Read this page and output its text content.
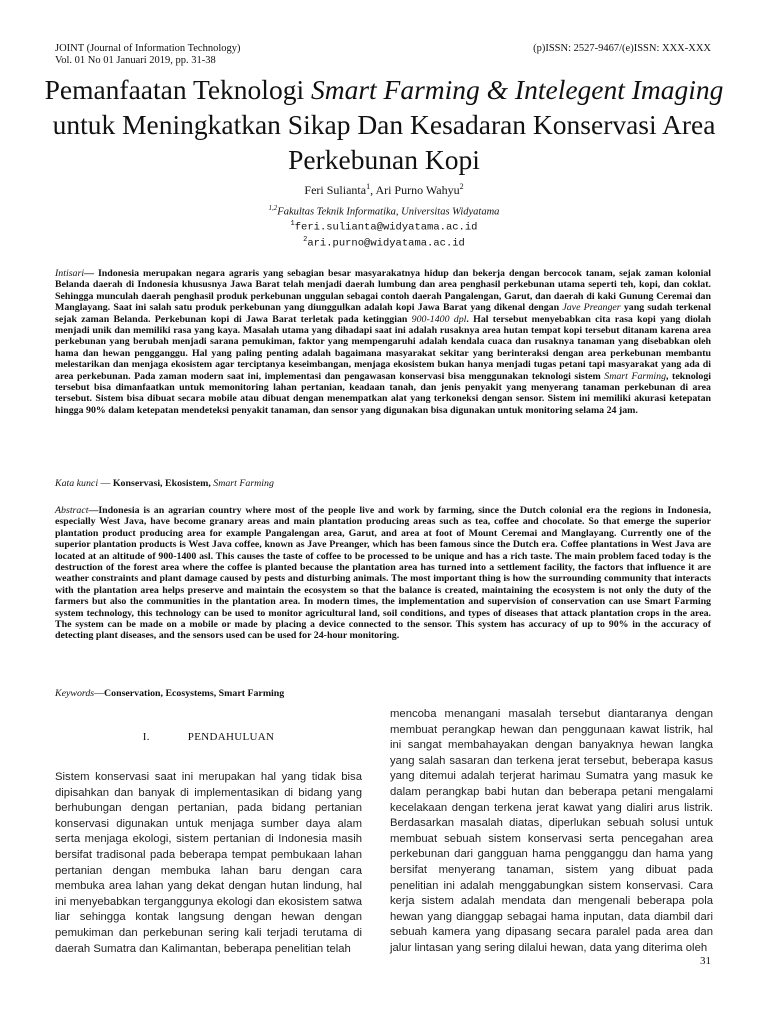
JOINT (Journal of Information Technology)	(p)ISSN: 2527-9467/(e)ISSN: XXX-XXX
Vol. 01 No 01 Januari 2019, pp. 31-38
Pemanfaatan Teknologi Smart Farming & Intelegent Imaging untuk Meningkatkan Sikap Dan Kesadaran Konservasi Area Perkebunan Kopi
Feri Sulianta$^1$, Ari Purno Wahyu$^2$
$^{1,2}$Fakultas Teknik Informatika, Universitas Widyatama
$^1$feri.sulianta@widyatama.ac.id
$^2$ari.purno@widyatama.ac.id
Intisari— Indonesia merupakan negara agraris yang sebagian besar masyarakatnya hidup dan bekerja dengan bercocok tanam, sejak zaman kolonial Belanda daerah di Indonesia khususnya Jawa Barat telah menjadi daerah lumbung dan area penghasil perkebunan utama seperti teh, kopi, dan coklat. Sehingga munculah daerah penghasil produk perkebunan unggulan sebagai contoh daerah Pangalengan, Garut, dan daerah di kaki Gunung Ceremai dan Manglayang. Saat ini salah satu produk perkebunan yang diunggulkan adalah kopi Jawa Barat yang dikenal dengan Jave Preanger yang sudah terkenal sejak zaman Belanda. Perkebunan kopi di Jawa Barat terletak pada ketinggian 900-1400 dpl. Hal tersebut menyebabkan cita rasa kopi yang diolah menjadi unik dan memiliki rasa yang kaya. Masalah utama yang dihadapi saat ini adalah rusaknya area hutan tempat kopi tersebut ditanam karena area perkebunan yang berubah menjadi sarana pemukiman, faktor yang mempengaruhi adalah kendala cuaca dan rusaknya tanaman yang disebabkan oleh hama dan hewan pengganggu. Hal yang paling penting adalah bagaimana masyarakat sekitar yang berinteraksi dengan area perkebunan membantu melestarikan dan menjaga ekosistem agar terciptanya keseimbangan, menjaga ekosistem bukan hanya menjadi tugas petani tapi masyarakat yang ada di area perkebunan. Pada zaman modern saat ini, implementasi dan pengawasan konservasi bisa menggunakan teknologi sistem Smart Farming, teknologi tersebut bisa dimanfaatkan untuk memonitoring lahan pertanian, keadaan tanah, dan jenis penyakit yang menyerang tanaman perkebunan di area tersebut. Sistem bisa dibuat secara mobile atau dibuat dengan menempatkan alat yang terkoneksi dengan sensor. Sistem ini memiliki akurasi ketepatan hingga 90% dalam ketepatan mendeteksi penyakit tanaman, dan sensor yang digunakan bisa digunakan untuk monitoring selama 24 jam.
Kata kunci — Konservasi, Ekosistem, Smart Farming
Abstract—Indonesia is an agrarian country where most of the people live and work by farming, since the Dutch colonial era the regions in Indonesia, especially West Java, have become granary areas and main plantation producing areas such as tea, coffee and chocolate. So that emerge the superior plantation product producing area for example Pangalengan area, Garut, and area at foot of Mount Ceremai and Manglayang. Currently one of the superior plantation products is West Java coffee, known as Jave Preanger, which has been famous since the Dutch era. Coffee plantations in West Java are located at an altitude of 900-1400 asl. This causes the taste of coffee to be processed to be unique and has a rich taste. The main problem faced today is the destruction of the forest area where the coffee is planted because the plantation area has turned into a settlement facility, the factors that influence it are weather constraints and plant damage caused by pests and disturbing animals. The most important thing is how the surrounding community that interacts with the plantation area helps preserve and maintain the ecosystem so that the balance is created, maintaining the ecosystem is not only the duty of the farmers but also the communities in the plantation area. In modern times, the implementation and supervision of conservation can use Smart Farming system technology, this technology can be used to monitor agricultural land, soil conditions, and types of diseases that attack plantation crops in the area. The system can be made on a mobile or made by placing a device connected to the sensor. This system has accuracy of up to 90% in the accuracy of detecting plant diseases, and the sensors used can be used for 24-hour monitoring.
Keywords—Conservation, Ecosystems, Smart Farming
I.	PENDAHULUAN
Sistem konservasi saat ini merupakan hal yang tidak bisa dipisahkan dan banyak di implementasikan di bidang yang berhubungan dengan pertanian, pada bidang pertanian konservasi digunakan untuk menjaga sumber daya alam serta menjaga ekologi, sistem pertanian di Indonesia masih bersifat tradisonal pada beberapa tempat pembukaan lahan pertanian dengan membuka lahan baru dengan cara membuka area lahan yang dekat dengan hutan lindung, hal ini menyebabkan terganggunya ekologi dan ekosistem satwa liar sehingga kontak langsung dengan hewan dengan pemukiman dan perkebunan sering kali terjadi terutama di daerah Sumatra dan Kalimantan, beberapa penelitian telah
mencoba menangani masalah tersebut diantaranya dengan membuat perangkap hewan dan penggunaan kawat listrik, hal ini sangat membahayakan dengan banyaknya hewan langka yang salah sasaran dan terkena jerat tersebut, beberapa kasus yang ditemui adalah terjerat harimau Sumatra yang masuk ke dalam perangkap babi hutan dan beberapa petani mengalami kecelakaan dengan terkena jerat kawat yang dialiri arus listrik. Berdasarkan masalah diatas, diperlukan sebuah solusi untuk membuat sebuah sistem konservasi serta pencegahan area perkebunan dari gangguan hama pengganggu dan hama yang bersifat menyerang tanaman, sistem yang dibuat pada penelitian ini adalah menggabungkan sistem konservasi. Cara kerja sistem adalah mendata dan mengenali beberapa pola hewan yang dianggap sebagai hama inputan, data diambil dari sebuah kamera yang dipasang secara paralel pada area dan jalur lintasan yang sering dilalui hewan, data yang diterima oleh
31
